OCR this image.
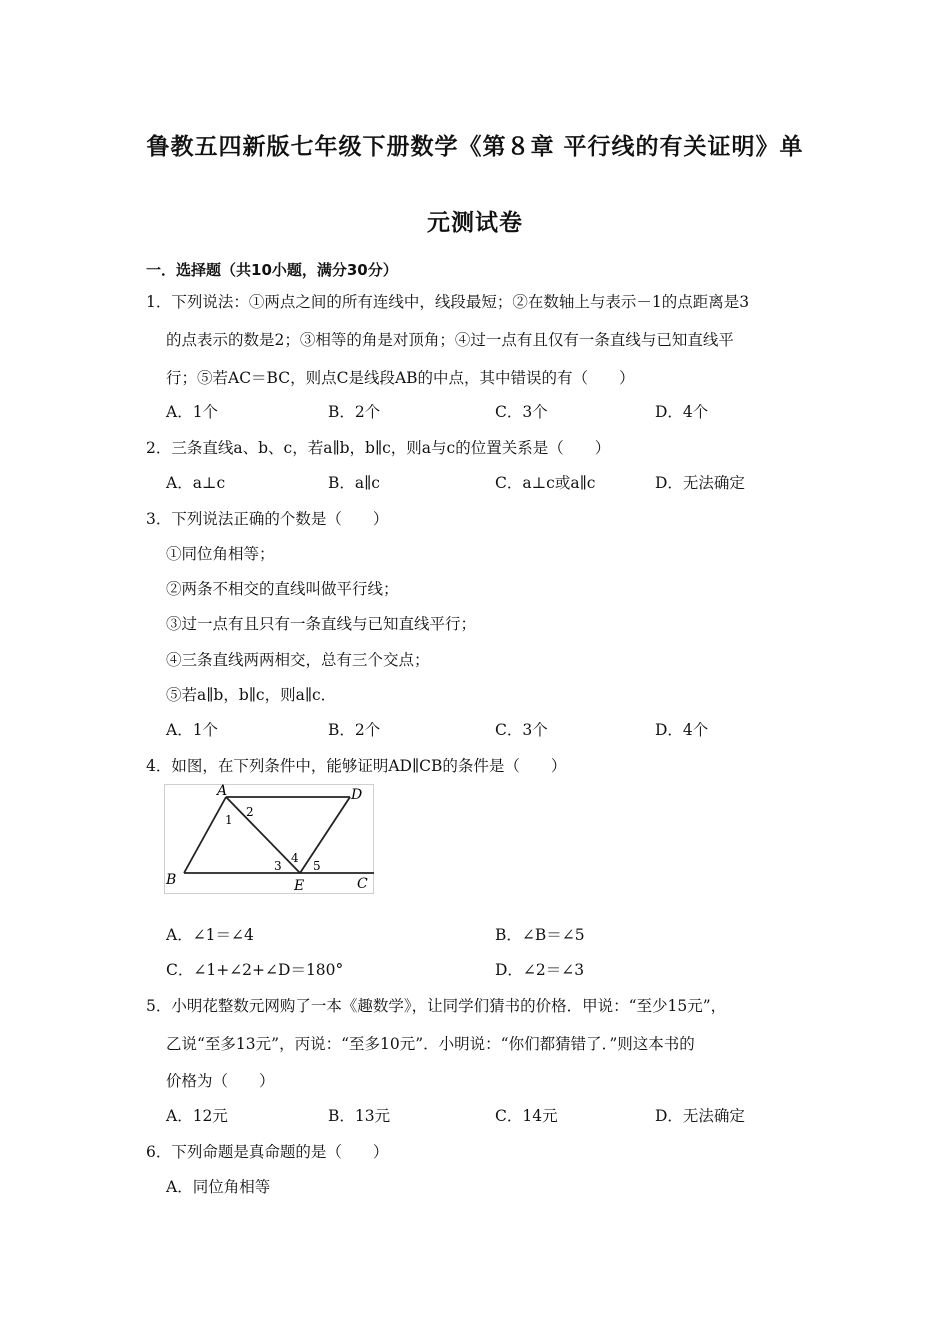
鲁教五四新版七年级下册数学《第８章 平行线的有关证明》单
元测试卷
一．选择题（共10小题，满分30分）
1．下列说法：①两点之间的所有连线中，线段最短；②在数轴上与表示－1的点距离是3
的点表示的数是2；③相等的角是对顶角；④过一点有且仅有一条直线与已知直线平
行；⑤若AC＝BC，则点C是线段AB的中点，其中错误的有（　　）
A．1个	B．2个	C．3个	D．4个
2．三条直线a、b、c，若a∥b，b∥c，则a与c的位置关系是（　　）
A．a⊥c	B．a∥c	C．a⊥c或a∥c	D．无法确定
3．下列说法正确的个数是（　　）
①同位角相等；
②两条不相交的直线叫做平行线；
③过一点有且只有一条直线与已知直线平行；
④三条直线两两相交，总有三个交点；
⑤若a∥b，b∥c，则a∥c．
A．1个	B．2个	C．3个	D．4个
4．如图，在下列条件中，能够证明AD∥CB的条件是（　　）
A	D
B	E	C
1
2
3
4
5
A．∠1＝∠4	B．∠B＝∠5
C．∠1+∠2+∠D＝180°	D．∠2＝∠3
5．小明花整数元网购了一本《趣数学》，让同学们猜书的价格．甲说：“至少15元”，
乙说“至多13元”，丙说：“至多10元”．小明说：“你们都猜错了．”则这本书的
价格为（　　）
A．12元	B．13元	C．14元	D．无法确定
6．下列命题是真命题的是（　　）
A．同位角相等
